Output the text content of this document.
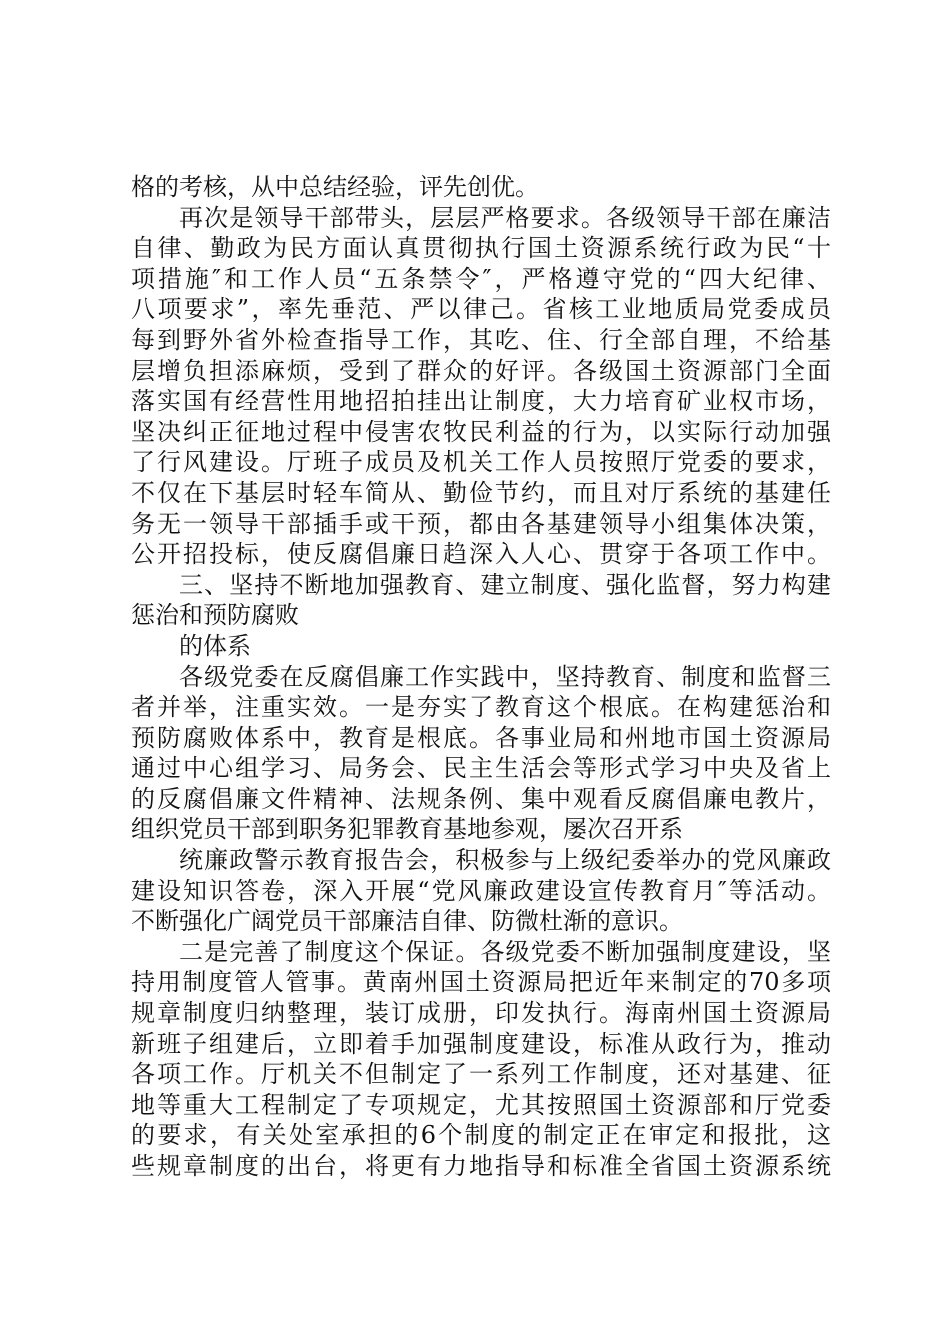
格的考核，从中总结经验，评先创优。
再次是领导干部带头，层层严格要求。各级领导干部在廉洁
自律、勤政为民方面认真贯彻执行国土资源系统行政为民“十
项措施″和工作人员“五条禁令″，严格遵守党的“四大纪律、
八项要求”，率先垂范、严以律己。省核工业地质局党委成员
每到野外省外检查指导工作，其吃、住、行全部自理，不给基
层增负担添麻烦，受到了群众的好评。各级国土资源部门全面
落实国有经营性用地招拍挂出让制度，大力培育矿业权市场，
坚决纠正征地过程中侵害农牧民利益的行为，以实际行动加强
了行风建设。厅班子成员及机关工作人员按照厅党委的要求，
不仅在下基层时轻车简从、勤俭节约，而且对厅系统的基建任
务无一领导干部插手或干预，都由各基建领导小组集体决策，
公开招投标，使反腐倡廉日趋深入人心、贯穿于各项工作中。
三、坚持不断地加强教育、建立制度、强化监督，努力构建
惩治和预防腐败
的体系
各级党委在反腐倡廉工作实践中，坚持教育、制度和监督三
者并举，注重实效。一是夯实了教育这个根底。在构建惩治和
预防腐败体系中，教育是根底。各事业局和州地市国土资源局
通过中心组学习、局务会、民主生活会等形式学习中央及省上
的反腐倡廉文件精神、法规条例、集中观看反腐倡廉电教片，
组织党员干部到职务犯罪教育基地参观，屡次召开系
统廉政警示教育报告会，积极参与上级纪委举办的党风廉政
建设知识答卷，深入开展“党风廉政建设宣传教育月″等活动。
不断强化广阔党员干部廉洁自律、防微杜渐的意识。
二是完善了制度这个保证。各级党委不断加强制度建设，坚
持用制度管人管事。黄南州国土资源局把近年来制定的70多项
规章制度归纳整理，装订成册，印发执行。海南州国土资源局
新班子组建后，立即着手加强制度建设，标准从政行为，推动
各项工作。厅机关不但制定了一系列工作制度，还对基建、征
地等重大工程制定了专项规定，尤其按照国土资源部和厅党委
的要求，有关处室承担的6个制度的制定正在审定和报批，这
些规章制度的出台，将更有力地指导和标准全省国土资源系统
